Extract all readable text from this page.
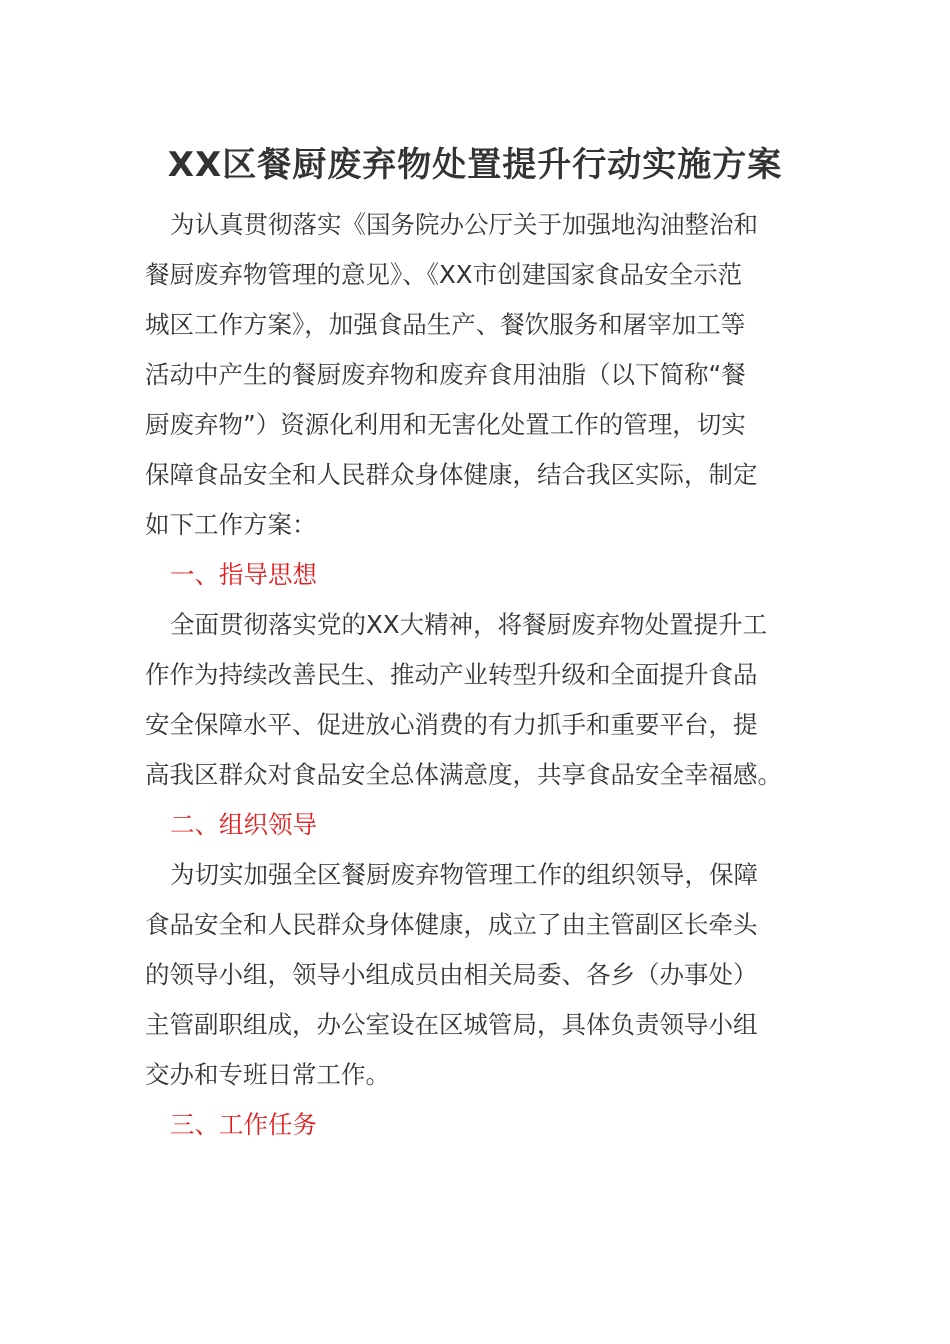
XX区餐厨废弃物处置提升行动实施方案
为认真贯彻落实《国务院办公厅关于加强地沟油整治和
餐厨废弃物管理的意见》、《XX市创建国家食品安全示范
城区工作方案》，加强食品生产、餐饮服务和屠宰加工等
活动中产生的餐厨废弃物和废弃食用油脂（以下简称“餐
厨废弃物”）资源化利用和无害化处置工作的管理，切实
保障食品安全和人民群众身体健康，结合我区实际，制定
如下工作方案：
一、指导思想
全面贯彻落实党的XX大精神，将餐厨废弃物处置提升工
作作为持续改善民生、推动产业转型升级和全面提升食品
安全保障水平、促进放心消费的有力抓手和重要平台，提
高我区群众对食品安全总体满意度，共享食品安全幸福感。
二、组织领导
为切实加强全区餐厨废弃物管理工作的组织领导，保障
食品安全和人民群众身体健康，成立了由主管副区长牵头
的领导小组，领导小组成员由相关局委、各乡（办事处）
主管副职组成，办公室设在区城管局，具体负责领导小组
交办和专班日常工作。
三、工作任务
